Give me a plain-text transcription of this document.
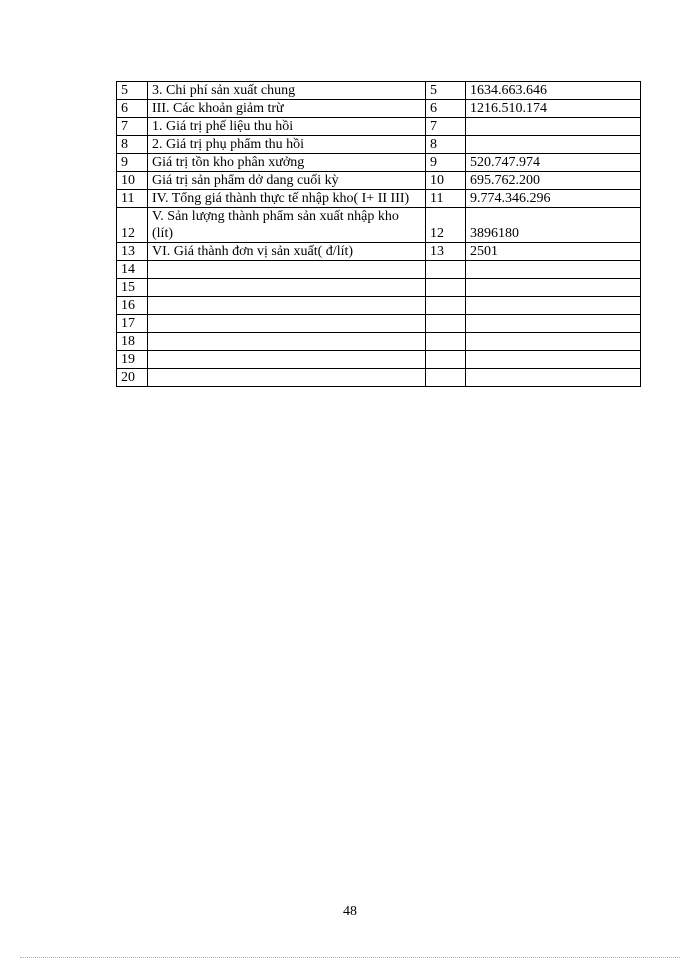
5	3. Chi phí sản xuất chung	5	1634.663.646
6	III. Các khoản giảm trừ	6	1216.510.174
7	1. Giá trị phế liệu thu hồi	7	
8	2. Giá trị phụ phẩm thu hồi	8	
9	Giá trị tồn kho phân xưởng	9	520.747.974
10	Giá trị sản phẩm dở dang cuối kỳ	10	695.762.200
11	IV. Tổng giá thành thực tế nhập kho( I+ II III)	11	9.774.346.296
12	V. Sản lượng thành phẩm sản xuất nhập kho (lít)	12	3896180
13	VI. Giá thành đơn vị sản xuất( đ/lít)	13	2501
14			
15			
16			
17			
18			
19			
20			
48
